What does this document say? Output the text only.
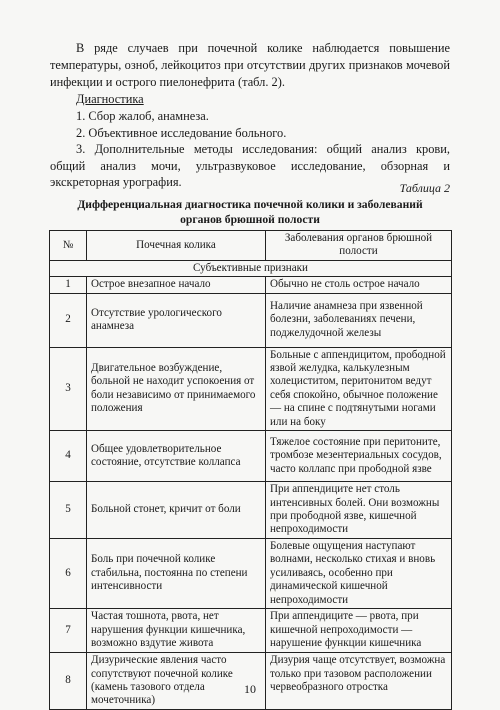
В ряде случаев при почечной колике наблюдается повышение температуры, озноб, лейкоцитоз при отсутствии других признаков мочевой инфекции и острого пиелонефрита (табл. 2).

Диагностика

1. Сбор жалоб, анамнеза.
2. Объективное исследование больного.
3. Дополнительные методы исследования: общий анализ крови, общий анализ мочи, ультразвуковое исследование, обзорная и экскреторная урография.	Таблица 2
Дифференциальная диагностика почечной колики и заболеваний
органов брюшной полости
№	Почечная колика	Заболевания органов брюшной полости
Субъективные признаки		
1	Острое внезапное начало	Обычно не столь острое начало
2	Отсутствие урологического анамнеза	Наличие анамнеза при язвенной болезни, заболеваниях печени, поджелудочной железы
3	Двигательное возбуждение, больной не находит успокоения от боли независимо от принимаемого положения	Больные с аппендицитом, прободной язвой желудка, калькулезным холециститом, перитонитом ведут себя спокойно, обычное положение — на спине с подтянутыми ногами или на боку
4	Общее удовлетворительное состояние, отсутствие коллапса	Тяжелое состояние при перитоните, тромбозе мезентериальных сосудов, часто коллапс при прободной язве
5	Больной стонет, кричит от боли	При аппендиците нет столь интенсивных болей. Они возможны при прободной язве, кишечной непроходимости
6	Боль при почечной колике стабильна, постоянна по степени интенсивности	Болевые ощущения наступают волнами, несколько стихая и вновь усиливаясь, особенно при динамической кишечной непроходимости
7	Частая тошнота, рвота, нет нарушения функции кишечника, возможно вздутие живота	При аппендиците — рвота, при кишечной непроходимости — нарушение функции кишечника
8	Дизурические явления часто сопутствуют почечной колике (камень тазового отдела мочеточника)	Дизурия чаще отсутствует, возможна только при тазовом расположении червеобразного отростка
10
